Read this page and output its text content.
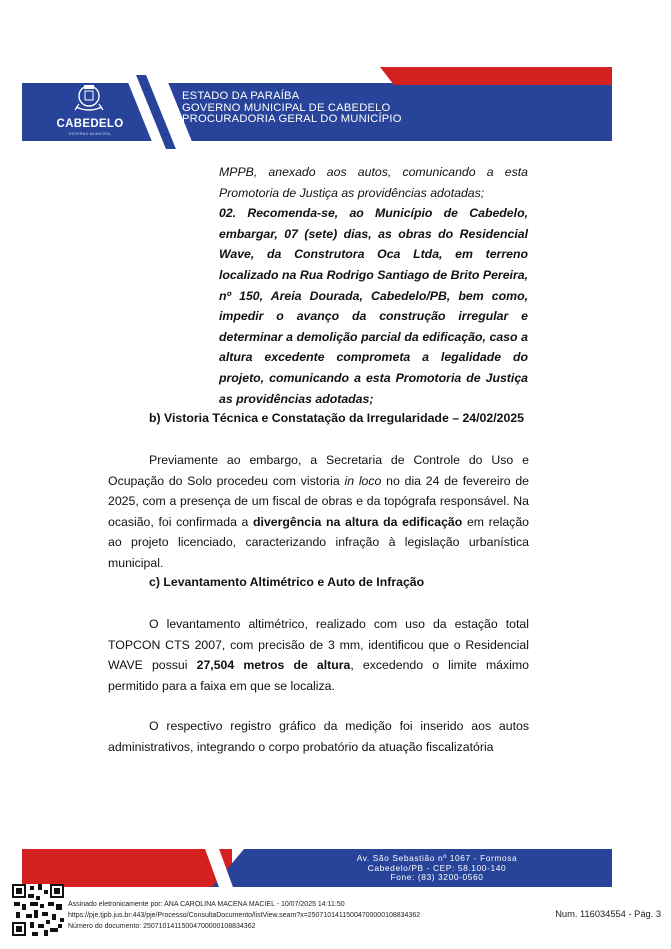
CABEDELO
GOVERNO MUNICIPAL
ESTADO DA PARAÍBA
GOVERNO MUNICIPAL DE CABEDELO
PROCURADORIA GERAL DO MUNICÍPIO

MPPB, anexado aos autos, comunicando a esta Promotoria de Justiça as providências adotadas;

02. Recomenda-se, ao Município de Cabedelo, embargar, 07 (sete) dias, as obras do Residencial Wave, da Construtora Oca Ltda, em terreno localizado na Rua Rodrigo Santiago de Brito Pereira, nº 150, Areia Dourada, Cabedelo/PB, bem como, impedir o avanço da construção irregular e determinar a demolição parcial da edificação, caso a altura excedente comprometa a legalidade do projeto, comunicando a esta Promotoria de Justiça as providências adotadas;

b) Vistoria Técnica e Constatação da Irregularidade – 24/02/2025

Previamente ao embargo, a Secretaria de Controle do Uso e Ocupação do Solo procedeu com vistoria in loco no dia 24 de fevereiro de 2025, com a presença de um fiscal de obras e da topógrafa responsável. Na ocasião, foi confirmada a divergência na altura da edificação em relação ao projeto licenciado, caracterizando infração à legislação urbanística municipal.

c) Levantamento Altimétrico e Auto de Infração

O levantamento altimétrico, realizado com uso da estação total TOPCON CTS 2007, com precisão de 3 mm, identificou que o Residencial WAVE possui 27,504 metros de altura, excedendo o limite máximo permitido para a faixa em que se localiza.

O respectivo registro gráfico da medição foi inserido aos autos administrativos, integrando o corpo probatório da atuação fiscalizatória

Av. São Sebastião nº 1067 - Formosa
Cabedelo/PB - CEP: 58.100-140
Fone: (83) 3200-0560
Assinado eletronicamente por: ANA CAROLINA MACENA MACIEL - 10/07/2025 14:11:50
https://pje.tjpb.jus.br:443/pje/Processo/ConsultaDocumento/listView.seam?x=25071014115004700000108834362
Número do documento: 25071014115004700000108834362
Num. 116034554 - Pág. 3
